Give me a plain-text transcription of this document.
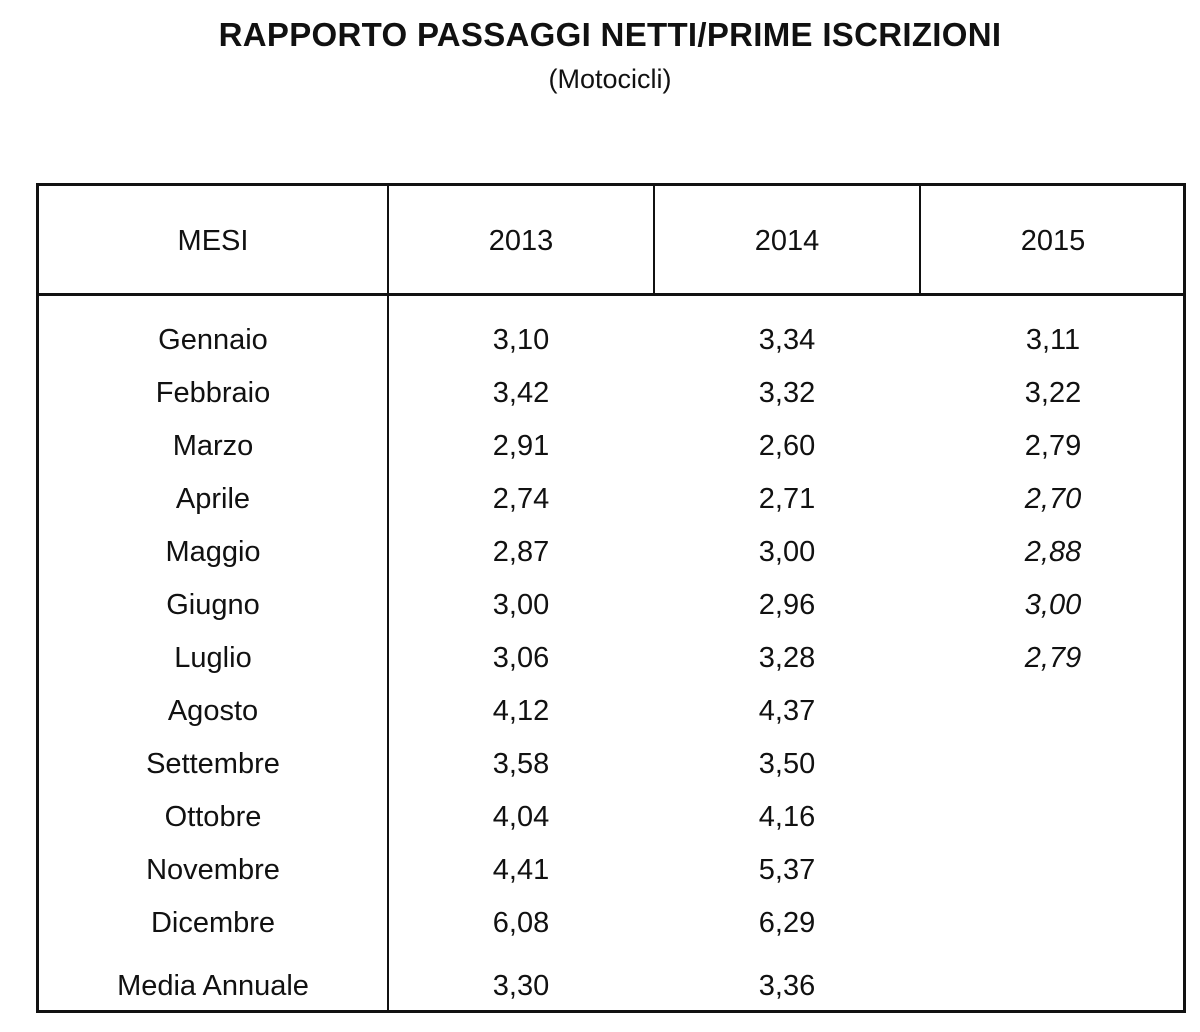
RAPPORTO PASSAGGI NETTI/PRIME ISCRIZIONI
(Motocicli)
MESI	2013	2014	2015
Gennaio	3,10	3,34	3,11
Febbraio	3,42	3,32	3,22
Marzo	2,91	2,60	2,79
Aprile	2,74	2,71	2,70
Maggio	2,87	3,00	2,88
Giugno	3,00	2,96	3,00
Luglio	3,06	3,28	2,79
Agosto	4,12	4,37
Settembre	3,58	3,50
Ottobre	4,04	4,16
Novembre	4,41	5,37
Dicembre	6,08	6,29
Media Annuale	3,30	3,36
